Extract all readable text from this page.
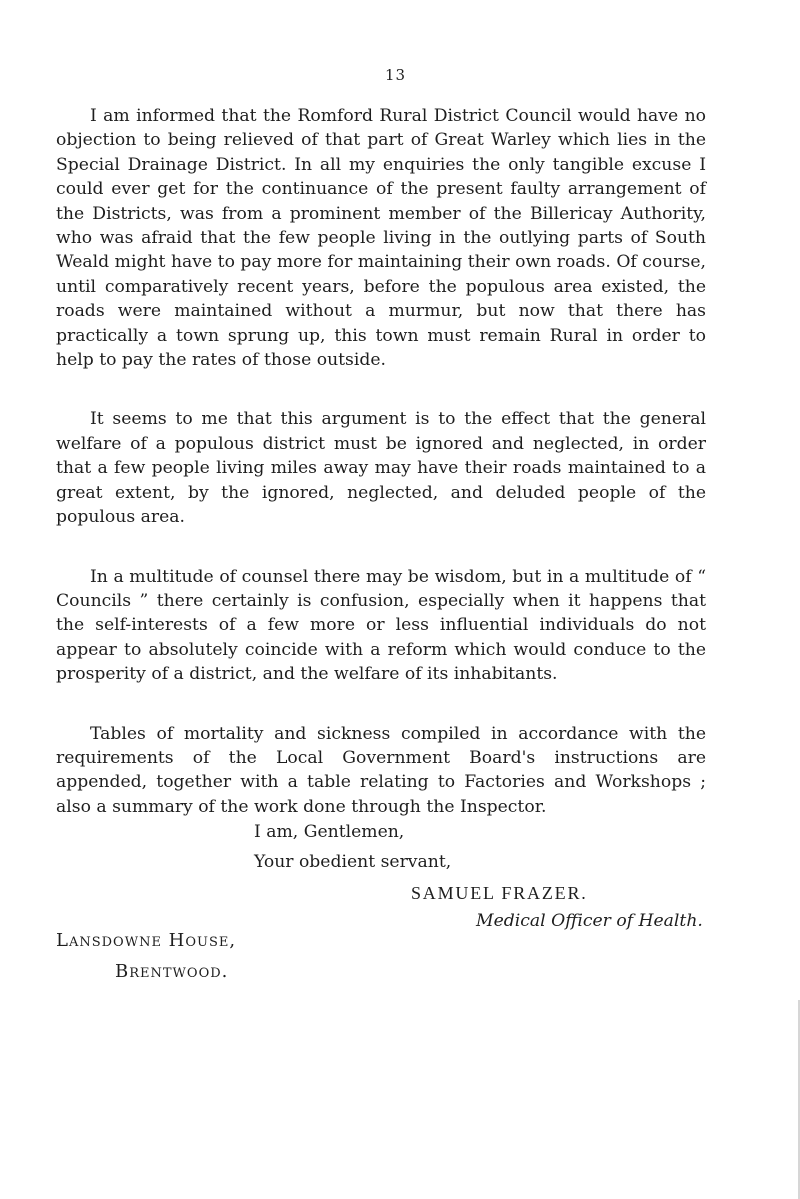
13

I am informed that the Romford Rural District Council would have no objection to being relieved of that part of Great Warley which lies in the Special Drainage District. In all my enquiries the only tangible excuse I could ever get for the continuance of the present faulty arrangement of the Districts, was from a prominent member of the Billericay Authority, who was afraid that the few people living in the outlying parts of South Weald might have to pay more for maintaining their own roads. Of course, until comparatively recent years, before the populous area existed, the roads were maintained without a murmur, but now that there has practically a town sprung up, this town must remain Rural in order to help to pay the rates of those outside.

It seems to me that this argument is to the effect that the general welfare of a populous district must be ignored and neglected, in order that a few people living miles away may have their roads maintained to a great extent, by the ignored, neglected, and deluded people of the populous area.

In a multitude of counsel there may be wisdom, but in a multitude of “ Councils ” there certainly is confusion, especially when it happens that the self-interests of a few more or less influential individuals do not appear to absolutely coincide with a reform which would conduce to the prosperity of a district, and the welfare of its inhabitants.

Tables of mortality and sickness compiled in accordance with the requirements of the Local Government Board's instructions are appended, together with a table relating to Factories and Workshops ; also a summary of the work done through the Inspector.

I am, Gentlemen,
Your obedient servant,
SAMUEL FRAZER.
Medical Officer of Health.
Lansdowne House,
Brentwood.
